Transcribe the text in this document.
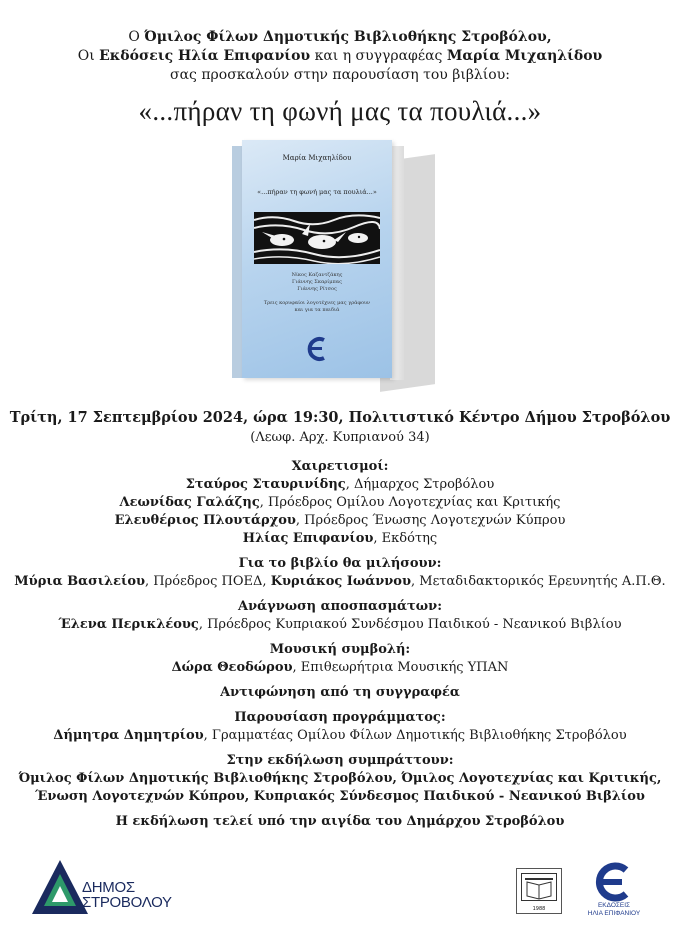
Ο Όμιλος Φίλων Δημοτικής Βιβλιοθήκης Στροβόλου,
Οι Εκδόσεις Ηλία Επιφανίου και η συγγραφέας Μαρία Μιχαηλίδου
σας προσκαλούν στην παρουσίαση του βιβλίου:
«...πήραν τη φωνή μας τα πουλιά...»
Μαρία Μιχαηλίδου
«...πήραν τη φωνή μας τα πουλιά...»
Νίκος Καζαντζάκης
Γιάννης Σκαρίμπας
Γιάννης Ρίτσος
Τρεις κορυφαίοι λογοτέχνες μας γράφουν και για τα παιδιά
Τρίτη, 17 Σεπτεμβρίου 2024, ώρα 19:30, Πολιτιστικό Κέντρο Δήμου Στροβόλου
(Λεωφ. Αρχ. Κυπριανού 34)
Χαιρετισμοί:
Σταύρος Σταυρινίδης, Δήμαρχος Στροβόλου
Λεωνίδας Γαλάζης, Πρόεδρος Ομίλου Λογοτεχνίας και Κριτικής
Ελευθέριος Πλουτάρχου, Πρόεδρος Ένωσης Λογοτεχνών Κύπρου
Ηλίας Επιφανίου, Εκδότης
Για το βιβλίο θα μιλήσουν:
Μύρια Βασιλείου, Πρόεδρος ΠΟΕΔ, Κυριάκος Ιωάννου, Μεταδιδακτορικός Ερευνητής Α.Π.Θ.
Ανάγνωση αποσπασμάτων:
Έλενα Περικλέους, Πρόεδρος Κυπριακού Συνδέσμου Παιδικού - Νεανικού Βιβλίου
Μουσική συμβολή:
Δώρα Θεοδώρου, Επιθεωρήτρια Μουσικής ΥΠΑΝ
Αντιφώνηση από τη συγγραφέα
Παρουσίαση προγράμματος:
Δήμητρα Δημητρίου, Γραμματέας Ομίλου Φίλων Δημοτικής Βιβλιοθήκης Στροβόλου
Στην εκδήλωση συμπράττουν:
Όμιλος Φίλων Δημοτικής Βιβλιοθήκης Στροβόλου, Όμιλος Λογοτεχνίας και Κριτικής,
Ένωση Λογοτεχνών Κύπρου, Κυπριακός Σύνδεσμος Παιδικού - Νεανικού Βιβλίου
Η εκδήλωση τελεί υπό την αιγίδα του Δημάρχου Στροβόλου
ΔΗΜΟΣ
ΣΤΡΟΒΟΛΟΥ	1988	ΕΚΔΟΣΕΙΣ
ΗΛΙΑ ΕΠΙΦΑΝΙΟΥ
